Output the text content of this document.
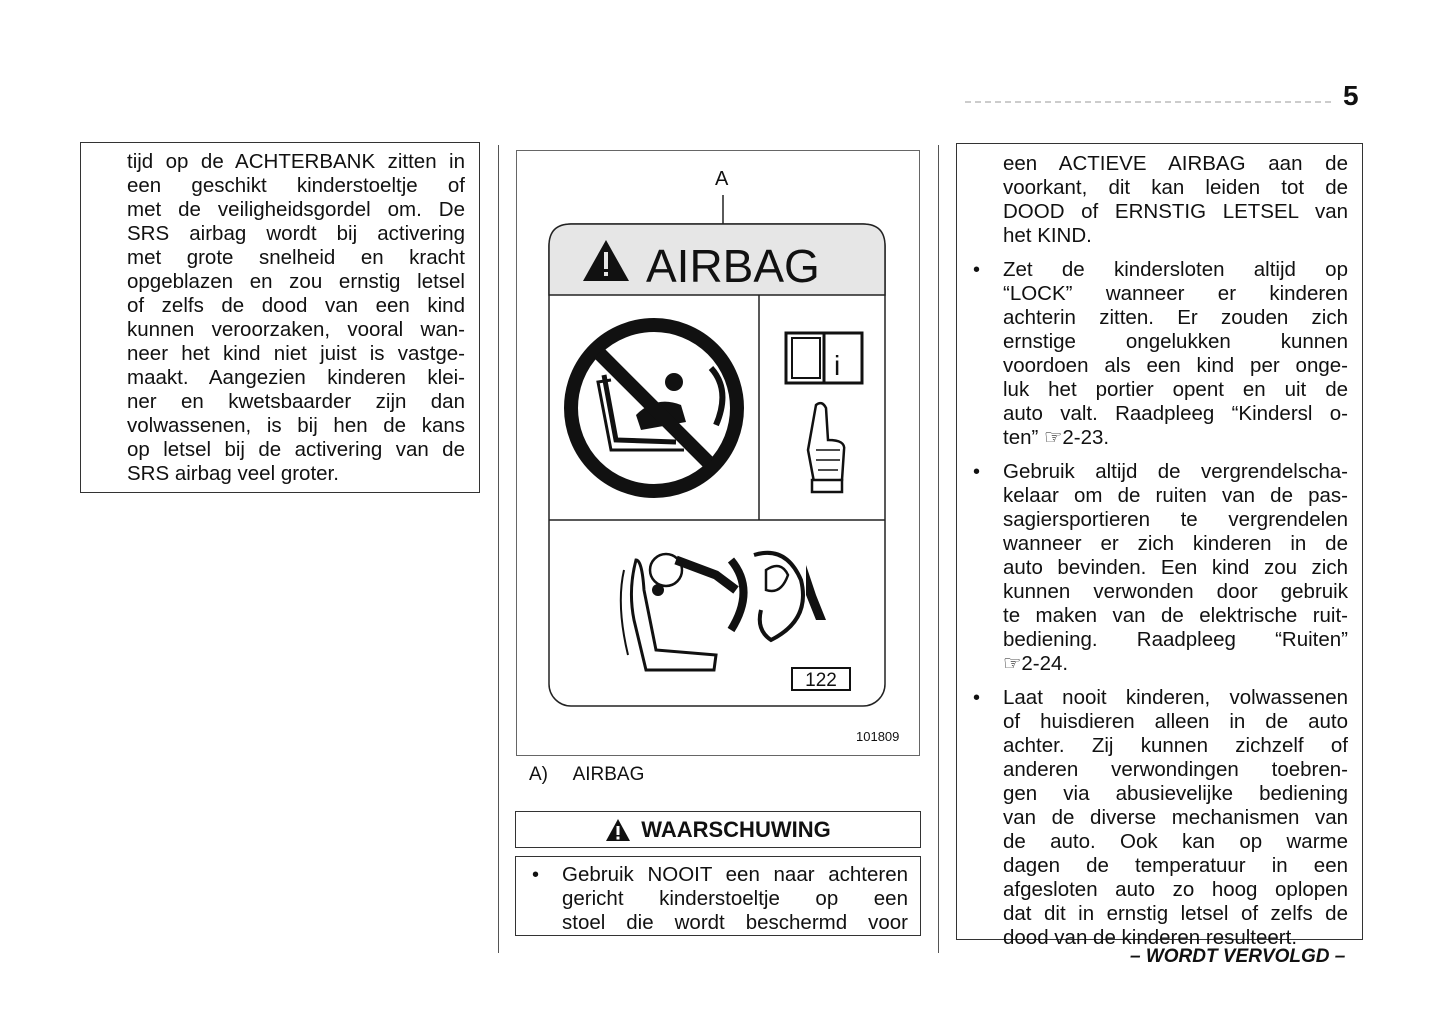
5
tijd op de ACHTERBANK zitten in
een geschikt kinderstoeltje of
met de veiligheidsgordel om. De
SRS airbag wordt bij activering
met grote snelheid en kracht
opgeblazen en zou ernstig letsel
of zelfs de dood van een kind
kunnen veroorzaken, vooral wan-
neer het kind niet juist is vastge-
maakt. Aangezien kinderen klei-
ner en kwetsbaarder zijn dan
volwassenen, is bij hen de kans
op letsel bij de activering van de
SRS airbag veel groter.
A
AIRBAG
i
122
101809
A) AIRBAG
WAARSCHUWING
• Gebruik NOOIT een naar achteren
gericht kinderstoeltje op een
stoel die wordt beschermd voor
een ACTIEVE AIRBAG aan de
voorkant, dit kan leiden tot de
DOOD of ERNSTIG LETSEL van
het KIND.
• Zet de kindersloten altijd op
“LOCK” wanneer er kinderen
achterin zitten. Er zouden zich
ernstige ongelukken kunnen
voordoen als een kind per onge-
luk het portier opent en uit de
auto valt. Raadpleeg “Kindersl o-
ten” ☞2-23.
• Gebruik altijd de vergrendelscha-
kelaar om de ruiten van de pas-
sagiersportieren te vergrendelen
wanneer er zich kinderen in de
auto bevinden. Een kind zou zich
kunnen verwonden door gebruik
te maken van de elektrische ruit-
bediening. Raadpleeg “Ruiten”
☞2-24.
• Laat nooit kinderen, volwassenen
of huisdieren alleen in de auto
achter. Zij kunnen zichzelf of
anderen verwondingen toebren-
gen via abusievelijke bediening
van de diverse mechanismen van
de auto. Ook kan op warme
dagen de temperatuur in een
afgesloten auto zo hoog oplopen
dat dit in ernstig letsel of zelfs de
dood van de kinderen resulteert.
– WORDT VERVOLGD –
